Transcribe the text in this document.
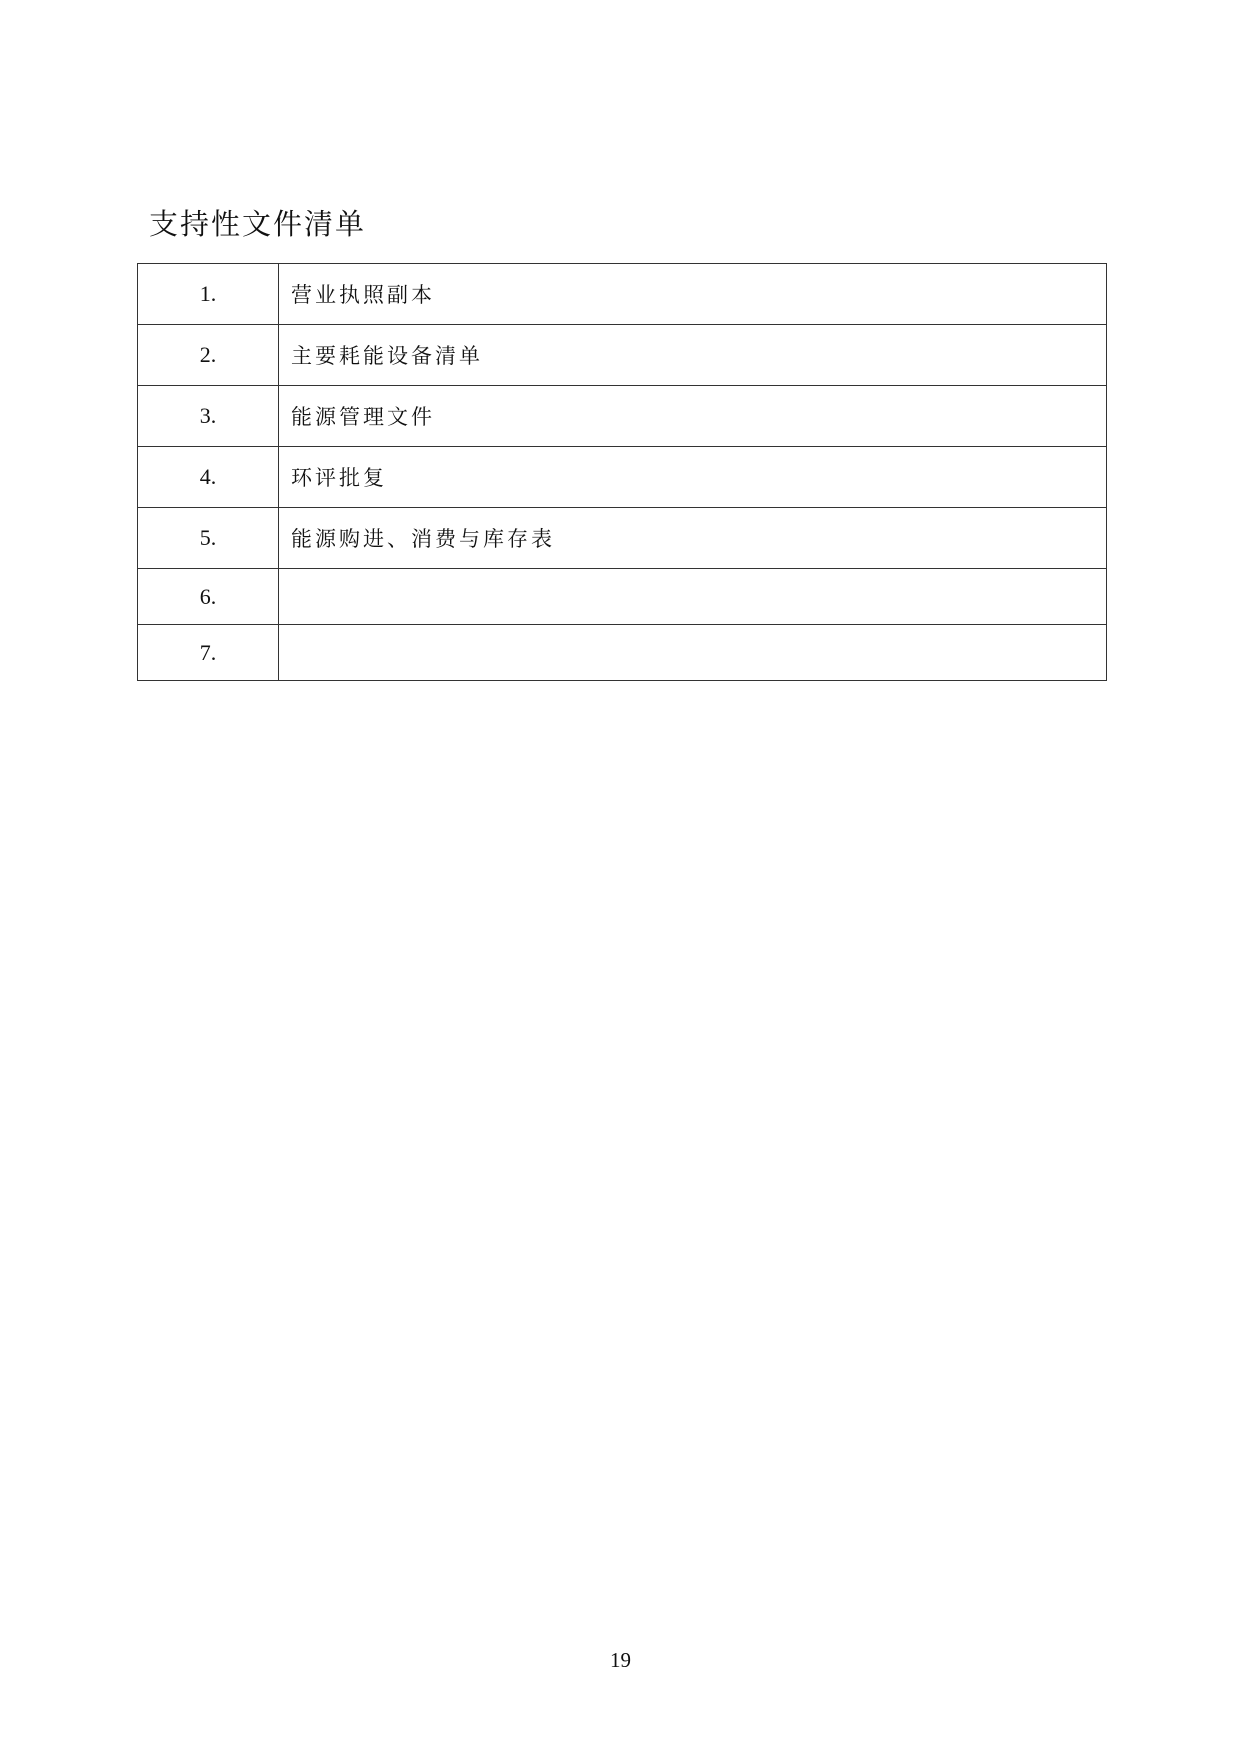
支持性文件清单
1.	营业执照副本
2.	主要耗能设备清单
3.	能源管理文件
4.	环评批复
5.	能源购进、消费与库存表
6.	
7.	
19
